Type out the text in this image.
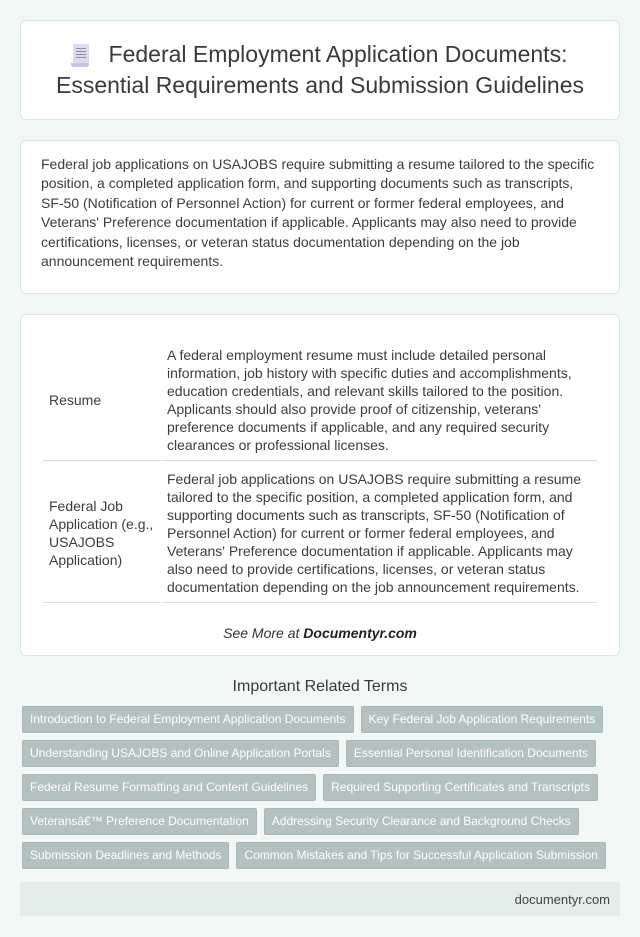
Federal Employment Application Documents: Essential Requirements and Submission Guidelines

Federal job applications on USAJOBS require submitting a resume tailored to the specific position, a completed application form, and supporting documents such as transcripts, SF-50 (Notification of Personnel Action) for current or former federal employees, and Veterans' Preference documentation if applicable. Applicants may also need to provide certifications, licenses, or veteran status documentation depending on the job announcement requirements.

Resume	A federal employment resume must include detailed personal information, job history with specific duties and accomplishments, education credentials, and relevant skills tailored to the position. Applicants should also provide proof of citizenship, veterans' preference documents if applicable, and any required security clearances or professional licenses.
Federal Job Application (e.g., USAJOBS Application)	Federal job applications on USAJOBS require submitting a resume tailored to the specific position, a completed application form, and supporting documents such as transcripts, SF-50 (Notification of Personnel Action) for current or former federal employees, and Veterans' Preference documentation if applicable. Applicants may also need to provide certifications, licenses, or veteran status documentation depending on the job announcement requirements.
See More at Documentyr.com
Important Related Terms
Introduction to Federal Employment Application Documents	Key Federal Job Application Requirements
Understanding USAJOBS and Online Application Portals	Essential Personal Identification Documents
Federal Resume Formatting and Content Guidelines	Required Supporting Certificates and Transcripts
Veteransâ€™ Preference Documentation	Addressing Security Clearance and Background Checks
Submission Deadlines and Methods	Common Mistakes and Tips for Successful Application Submission
documentyr.com
